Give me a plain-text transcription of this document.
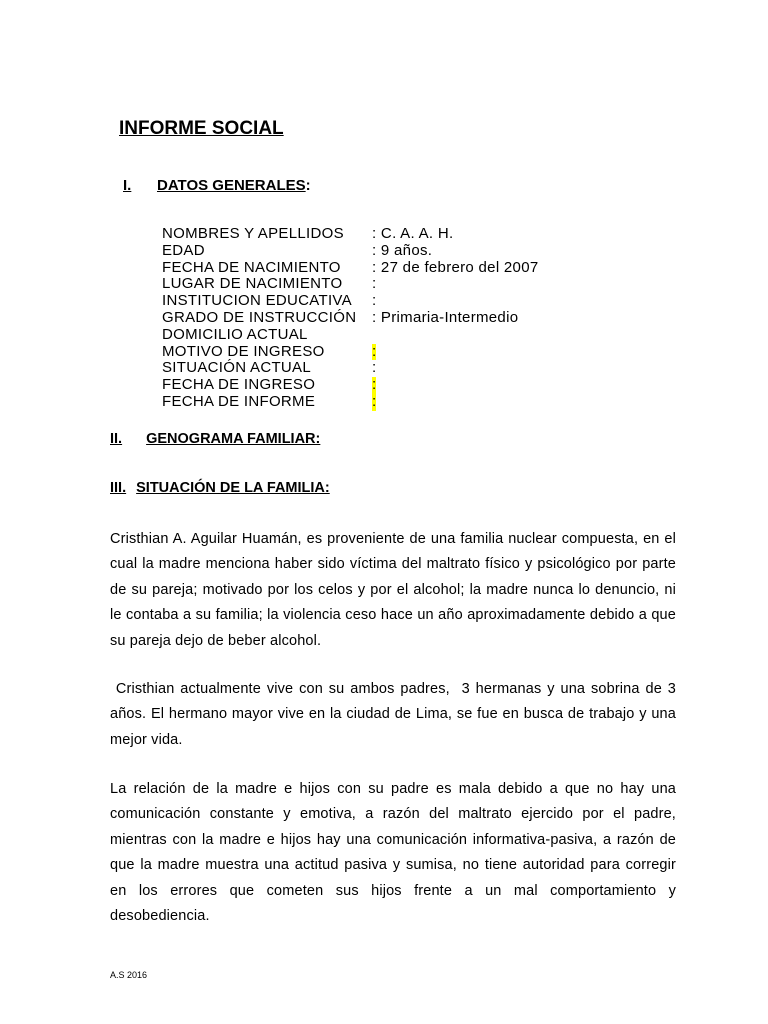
INFORME SOCIAL
I. DATOS GENERALES:
NOMBRES Y APELLIDOS	: C. A. A. H.
EDAD	: 9 años.
FECHA DE NACIMIENTO	: 27 de febrero del 2007
LUGAR DE NACIMIENTO	:
INSTITUCION EDUCATIVA	:
GRADO DE INSTRUCCIÓN	: Primaria-Intermedio
DOMICILIO ACTUAL
MOTIVO DE INGRESO	:
SITUACIÓN ACTUAL	:
FECHA DE INGRESO	:
FECHA DE INFORME	:
II. GENOGRAMA FAMILIAR:
III. SITUACIÓN DE LA FAMILIA:

Cristhian A. Aguilar Huamán, es proveniente de una familia nuclear compuesta, en el cual la madre menciona haber sido víctima del maltrato físico y psicológico por parte de su pareja; motivado por los celos y por el alcohol; la madre nunca lo denuncio, ni le contaba a su familia; la violencia ceso hace un año aproximadamente debido a que su pareja dejo de beber alcohol.

Cristhian actualmente vive con su ambos padres,  3 hermanas y una sobrina de 3 años. El hermano mayor vive en la ciudad de Lima, se fue en busca de trabajo y una mejor vida.

La relación de la madre e hijos con su padre es mala debido a que no hay una comunicación constante y emotiva, a razón del maltrato ejercido por el padre, mientras con la madre e hijos hay una comunicación informativa-pasiva, a razón de que la madre muestra una actitud pasiva y sumisa, no tiene autoridad para corregir en los errores que cometen sus hijos frente a un mal comportamiento y desobediencia.

A.S 2016
